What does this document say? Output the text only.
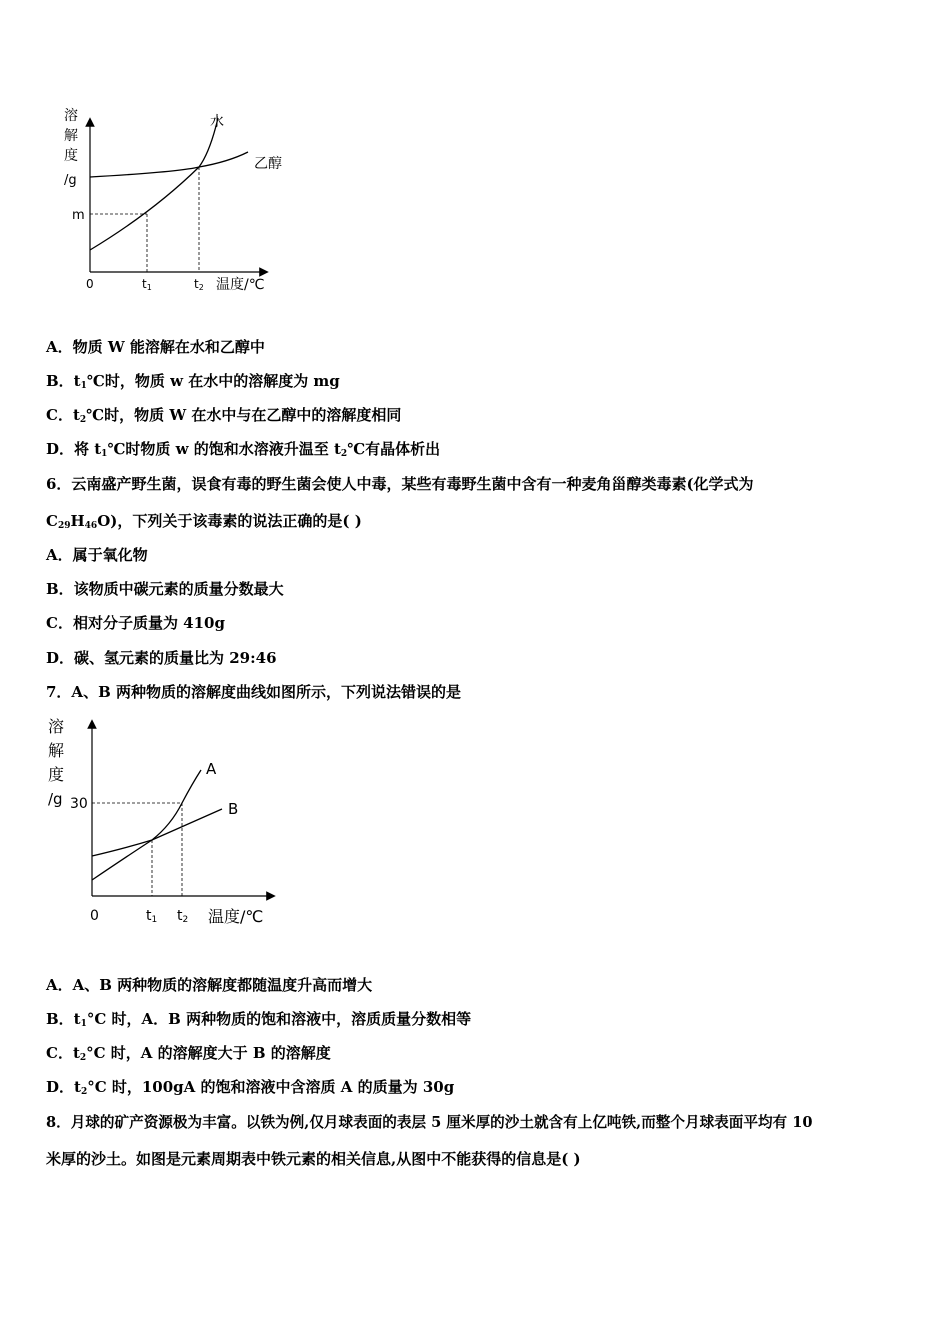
溶
解
度
/g
m
水
乙醇
0	t1	t2 温度/℃
A．物质 W 能溶解在水和乙醇中
B．$t_1℃$时，物质 w 在水中的溶解度为 mg
C．$t_2℃$时，物质 W 在水中与在乙醇中的溶解度相同
D．将 $t_1℃$时物质 w 的饱和水溶液升温至 $t_2℃$有晶体析出
6．云南盛产野生菌，误食有毒的野生菌会使人中毒，某些有毒野生菌中含有一种麦角甾醇类毒素(化学式为
$C_{29}H_{46}O$)，下列关于该毒素的说法正确的是( )
A．属于氧化物
B．该物质中碳元素的质量分数最大
C．相对分子质量为 410g
D．碳、氢元素的质量比为 29:46
7．A、B 两种物质的溶解度曲线如图所示，下列说法错误的是
溶
解
度
/g 30
A
B
0	t1 t2 温度/℃
A．A、B 两种物质的溶解度都随温度升高而增大
B．$t_1^\circ C$ 时，A．B 两种物质的饱和溶液中，溶质质量分数相等
C．$t_2^\circ C$ 时，A 的溶解度大于 B 的溶解度
D．$t_2^\circ C$ 时，100gA 的饱和溶液中含溶质 A 的质量为 30g
8．月球的矿产资源极为丰富。以铁为例,仅月球表面的表层 5 厘米厚的沙土就含有上亿吨铁,而整个月球表面平均有 10
米厚的沙土。如图是元素周期表中铁元素的相关信息,从图中不能获得的信息是( )
